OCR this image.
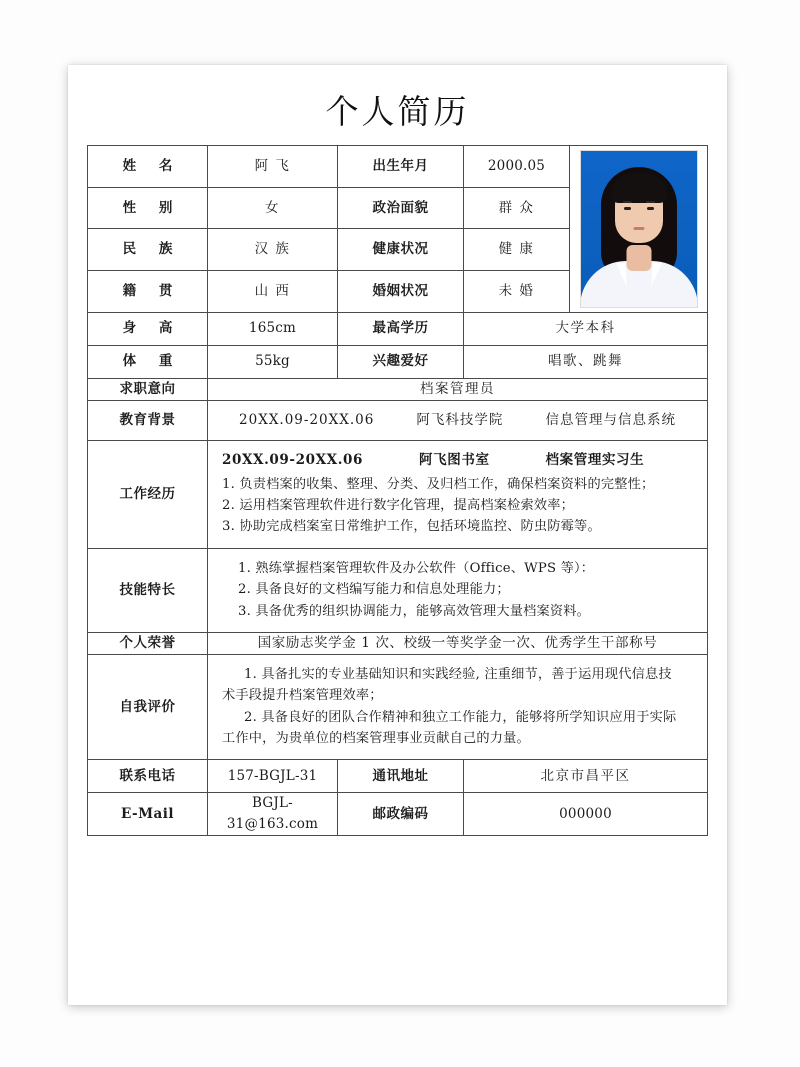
个人简历
姓 名	阿 飞	出生年月	2000.05	

性 别	女	政治面貌	群 众	
民 族	汉 族	健康状况	健 康	
籍 贯	山 西	婚姻状况	未 婚	
身 高	165cm	最高学历	大学本科	
体 重	55kg	兴趣爱好	唱歌、跳舞	
求职意向	档案管理员			
教育背景	20XX.09-20XX.06 阿飞科技学院 信息管理与信息系统			

工作经历	
20XX.09-20XX.06	阿飞图书室	档案管理实习生
1. 负责档案的收集、整理、分类、及归档工作，确保档案资料的完整性；
2. 运用档案管理软件进行数字化管理，提高档案检索效率；
3. 协助完成档案室日常维护工作，包括环境监控、防虫防霉等。

技能特长	1. 熟练掌握档案管理软件及办公软件（Office、WPS 等）：
2. 具备良好的文档编写能力和信息处理能力；
3. 具备优秀的组织协调能力，能够高效管理大量档案资料。			

个人荣誉	国家励志奖学金 1 次、校级一等奖学金一次、优秀学生干部称号			
自我评价	1. 具备扎实的专业基础知识和实践经验, 注重细节，善于运用现代信息技
术手段提升档案管理效率；
2. 具备良好的团队合作精神和独立工作能力，能够将所学知识应用于实际
工作中，为贵单位的档案管理事业贡献自己的力量。			

联系电话	157-BGJL-31	通讯地址	北京市昌平区	
E-Mail	BGJL-31@163.com	邮政编码	000000	
